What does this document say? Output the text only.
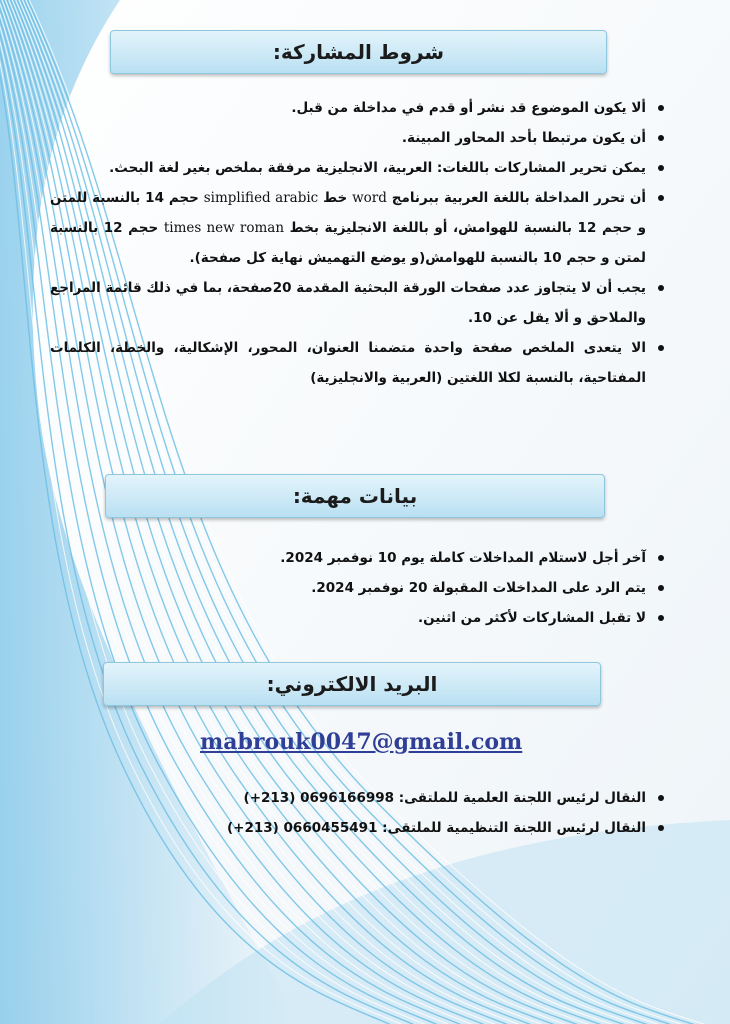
شروط المشاركة:
ألا يكون الموضوع قد نشر أو قدم في مداخلة من قبل.
أن يكون مرتبطا بأحد المحاور المبينة.
يمكن تحرير المشاركات باللغات: العربية، الانجليزية مرفقة بملخص بغير لغة البحث.
أن تحرر المداخلة باللغة العربية ببرنامج word خط simplified arabic حجم 14 بالنسبة للمتن و حجم 12 بالنسبة للهوامش، أو باللغة الانجليزية بخط times new roman حجم 12 بالنسبة لمتن و حجم 10 بالنسبة للهوامش(و يوضع التهميش نهاية كل صفحة).
يجب أن لا يتجاوز عدد صفحات الورقة البحثية المقدمة 20صفحة، بما في ذلك قائمة المراجع والملاحق و ألا يقل عن 10.
الا يتعدى الملخص صفحة واحدة متضمنا العنوان، المحور، الإشكالية، والخطة، الكلمات المفتاحية، بالنسبة لكلا اللغتين (العربية والانجليزية)
بيانات مهمة:
آخر أجل لاستلام المداخلات كاملة يوم 10 نوفمبر 2024.
يتم الرد على المداخلات المقبولة 20 نوفمبر 2024.
لا تقبل المشاركات لأكثر من اثنين.
البريد الالكتروني:
mabrouk0047@gmail.com
النقال لرئيس اللجنة العلمية للملتقى: 0696166998 (213+)
النقال لرئيس اللجنة التنظيمية للملتقى: 0660455491 (213+)
